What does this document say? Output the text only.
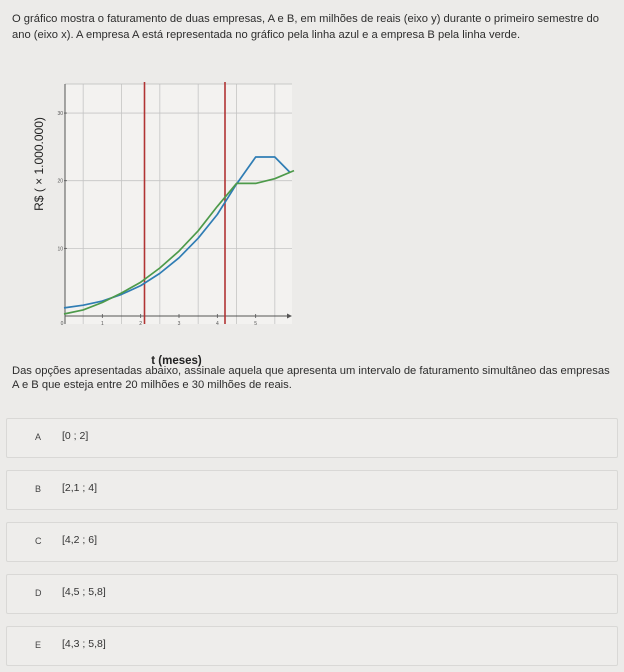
O gráfico mostra o faturamento de duas empresas, A e B, em milhões de reais (eixo y) durante o primeiro semestre do ano (eixo x). A empresa A está representada no gráfico pela linha azul e a empresa B pela linha verde.

0	1	2	3	4	5
10
20
30
R$ ( × 1.000.000)
t (meses)

Das opções apresentadas abaixo, assinale aquela que apresenta um intervalo de faturamento simultâneo das empresas A e B que esteja entre 20 milhões e 30 milhões de reais.

A [0 ; 2]
B [2,1 ; 4]
C [4,2 ; 6]
D [4,5 ; 5,8]
E [4,3 ; 5,8]
